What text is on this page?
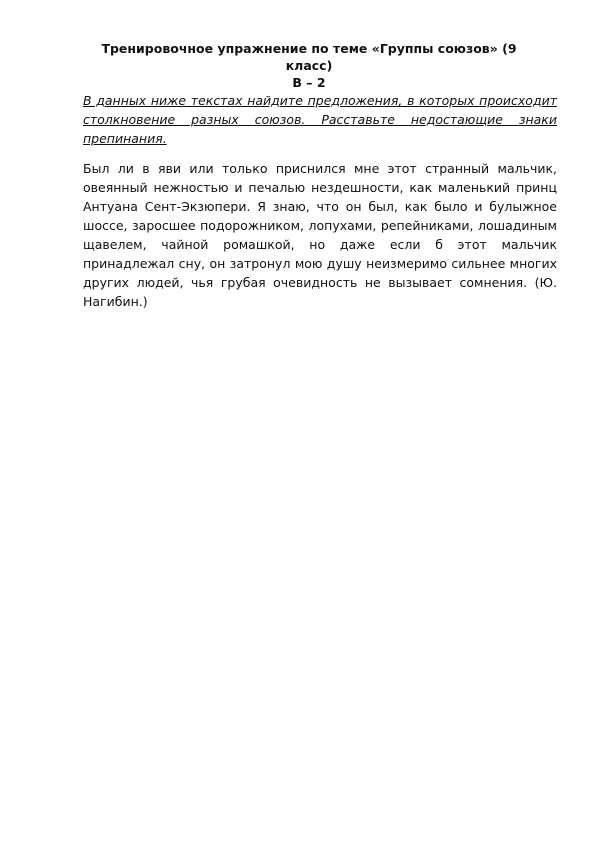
Тренировочное упражнение по теме «Группы союзов» (9
класс)
В – 2
В данных ниже текстах найдите предложения, в которых происходит столкновение разных союзов. Расставьте недостающие знаки препинания.
Был ли в яви или только приснился мне этот странный мальчик, овеянный нежностью и печалью нездешности, как маленький принц Антуана Сент-Экзюпери. Я знаю, что он был, как было и булыжное шоссе, заросшее подорожником, лопухами, репейниками, лошадиным щавелем, чайной ромашкой, но даже если б этот мальчик принадлежал сну, он затронул мою душу неизмеримо сильнее многих других людей, чья грубая очевидность не вызывает сомнения. (Ю. Нагибин.)
